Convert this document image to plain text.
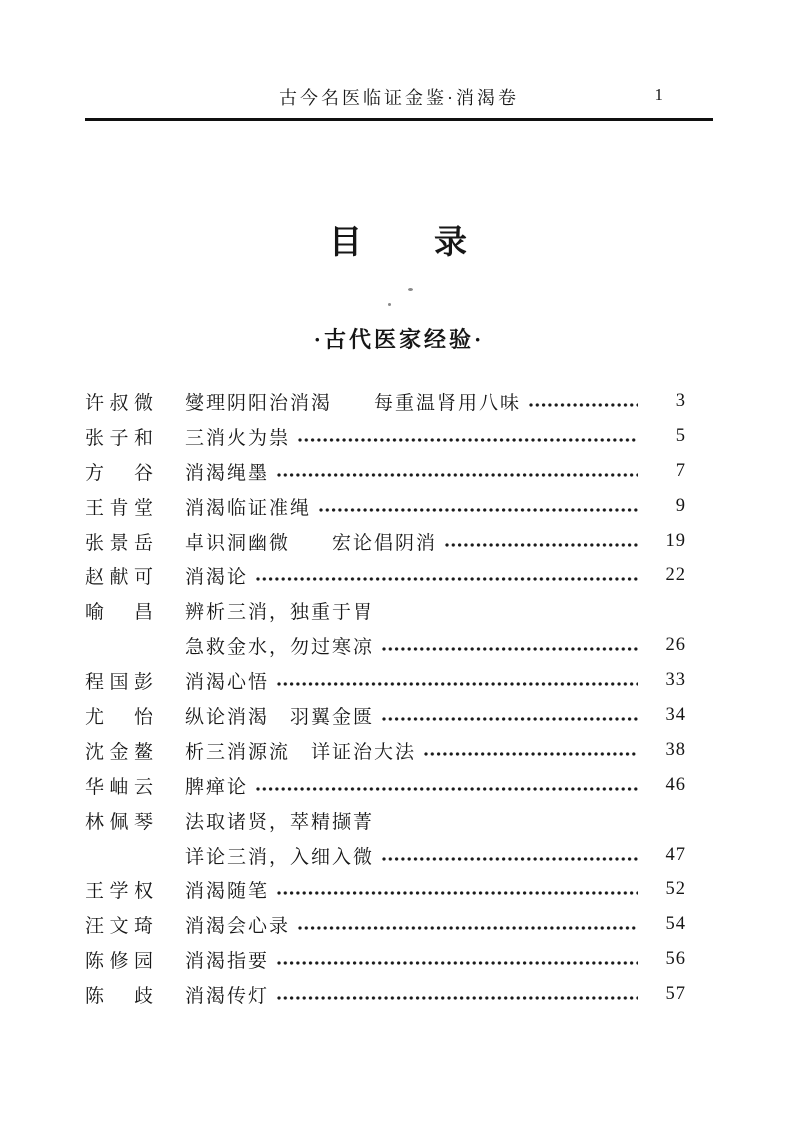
古今名医临证金鉴·消渴卷	1
目　　录
·古代医家经验·
许 叔 微 燮理阴阳治消渴　　每重温肾用八味	3
张 子 和 三消火为祟	5
方 谷 消渴绳墨	7
王 肯 堂 消渴临证准绳	9
张 景 岳 卓识洞幽微　　宏论倡阴消	19
赵 献 可 消渴论	22
喻 昌 辨析三消，独重于胃
急救金水，勿过寒凉	26
程 国 彭 消渴心悟	33
尤 怡 纵论消渴　羽翼金匮	34
沈 金 鳌 析三消源流　详证治大法	38
华 岫 云 脾瘅论	46
林 佩 琴 法取诸贤，萃精撷菁
详论三消，入细入微	47
王 学 权 消渴随笔	52
汪 文 琦 消渴会心录	54
陈 修 园 消渴指要	56
陈 歧 消渴传灯	57
